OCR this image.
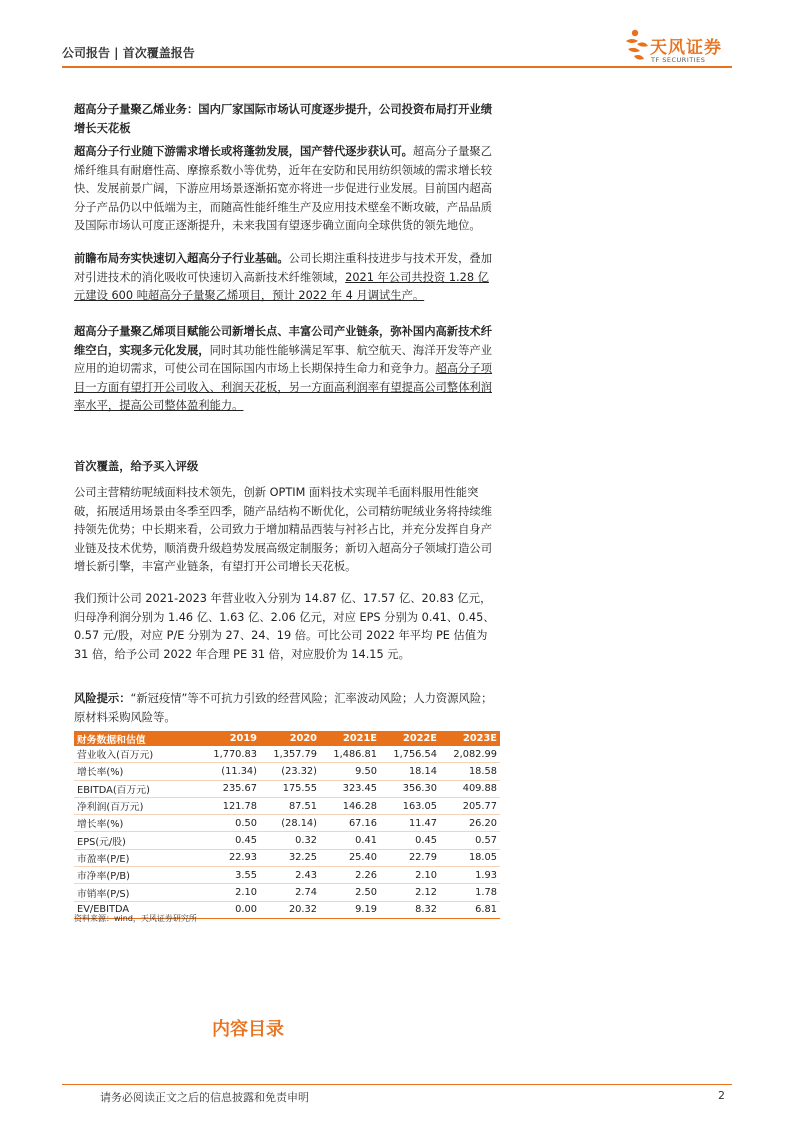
公司报告 | 首次覆盖报告	天风证券
TF SECURITIES
超高分子量聚乙烯业务：国内厂家国际市场认可度逐步提升，公司投资布局打开业绩增长天花板
超高分子行业随下游需求增长或将蓬勃发展，国产替代逐步获认可。超高分子量聚乙烯纤维具有耐磨性高、摩擦系数小等优势，近年在安防和民用纺织领域的需求增长较快、发展前景广阔，下游应用场景逐渐拓宽亦将进一步促进行业发展。目前国内超高分子产品仍以中低端为主，而随高性能纤维生产及应用技术壁垒不断攻破，产品品质及国际市场认可度正逐渐提升，未来我国有望逐步确立面向全球供货的领先地位。
前瞻布局夯实快速切入超高分子行业基础。公司长期注重科技进步与技术开发，叠加对引进技术的消化吸收可快速切入高新技术纤维领域，2021 年公司共投资 1.28 亿元建设 600 吨超高分子量聚乙烯项目，预计 2022 年 4 月调试生产。
超高分子量聚乙烯项目赋能公司新增长点、丰富公司产业链条，弥补国内高新技术纤维空白，实现多元化发展，同时其功能性能够满足军事、航空航天、海洋开发等产业应用的迫切需求，可使公司在国际国内市场上长期保持生命力和竞争力。超高分子项目一方面有望打开公司收入、利润天花板，另一方面高利润率有望提高公司整体利润率水平，提高公司整体盈利能力。
首次覆盖，给予买入评级
公司主营精纺呢绒面料技术领先，创新 OPTIM 面料技术实现羊毛面料服用性能突破，拓展适用场景由冬季至四季，随产品结构不断优化，公司精纺呢绒业务将持续维持领先优势；中长期来看，公司致力于增加精品西装与衬衫占比，并充分发挥自身产业链及技术优势，顺消费升级趋势发展高级定制服务；新切入超高分子领域打造公司增长新引擎，丰富产业链条，有望打开公司增长天花板。
我们预计公司 2021-2023 年营业收入分别为 14.87 亿、17.57 亿、20.83 亿元，归母净利润分别为 1.46 亿、1.63 亿、2.06 亿元，对应 EPS 分别为 0.41、0.45、0.57 元/股，对应 P/E 分别为 27、24、19 倍。可比公司 2022 年平均 PE 估值为 31 倍，给予公司 2022 年合理 PE 31 倍，对应股价为 14.15 元。
风险提示：“新冠疫情”等不可抗力引致的经营风险；汇率波动风险；人力资源风险；原材料采购风险等。
财务数据和估值	2019	2020	2021E	2022E	2023E
营业收入(百万元)	1,770.83	1,357.79	1,486.81	1,756.54	2,082.99
增长率(%)	(11.34)	(23.32)	9.50	18.14	18.58
EBITDA(百万元)	235.67	175.55	323.45	356.30	409.88
净利润(百万元)	121.78	87.51	146.28	163.05	205.77
增长率(%)	0.50	(28.14)	67.16	11.47	26.20
EPS(元/股)	0.45	0.32	0.41	0.45	0.57
市盈率(P/E)	22.93	32.25	25.40	22.79	18.05
市净率(P/B)	3.55	2.43	2.26	2.10	1.93
市销率(P/S)	2.10	2.74	2.50	2.12	1.78
EV/EBITDA	0.00	20.32	9.19	8.32	6.81
资料来源：wind，天风证券研究所
内容目录
请务必阅读正文之后的信息披露和免责申明	2
